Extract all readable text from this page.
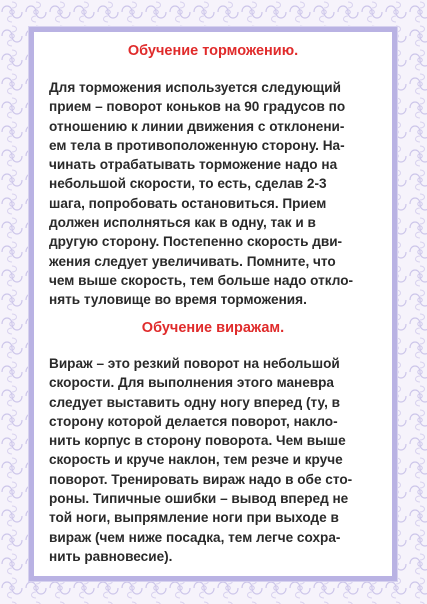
Обучение торможению.

Для торможения используется следующий
прием – поворот коньков на 90 градусов по
отношению к линии движения с отклонени-
ем тела в противоположенную сторону. На-
чинать отрабатывать торможение надо на
небольшой скорости, то есть, сделав 2-3
шага, попробовать остановиться. Прием
должен исполняться как в одну, так и в
другую сторону. Постепенно скорость дви-
жения следует увеличивать. Помните, что
чем выше скорость, тем больше надо откло-
нять туловище во время торможения.

Обучение виражам.

Вираж – это резкий поворот на небольшой
скорости. Для выполнения этого маневра
следует выставить одну ногу вперед (ту, в
сторону которой делается поворот, накло-
нить корпус в сторону поворота. Чем выше
скорость и круче наклон, тем резче и круче
поворот. Тренировать вираж надо в обе сто-
роны. Типичные ошибки – вывод вперед не
той ноги, выпрямление ноги при выходе в
вираж (чем ниже посадка, тем легче сохра-
нить равновесие).
